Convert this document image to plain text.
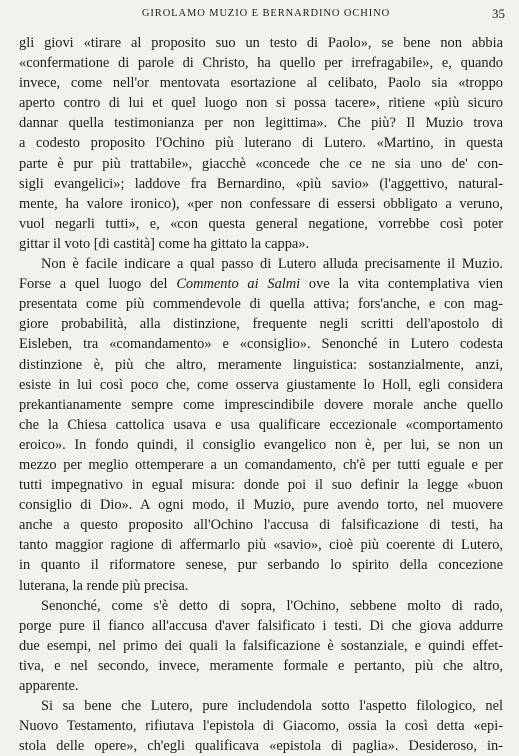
GIROLAMO MUZIO E BERNARDINO OCHINO	35
gli giovi «tirare al proposito suo un testo di Paolo», se bene non abbia
«confermatione di parole di Christo, ha quello per irrefragabile», e, quando
invece, come nell'or mentovata esortazione al celibato, Paolo sia «troppo
aperto contro di lui et quel luogo non si possa tacere», ritiene «più sicuro
dannar quella testimonianza per non legittima». Che più? Il Muzio trova
a codesto proposito l'Ochino più luterano di Lutero. «Martino, in questa
parte è pur più trattabile», giacchè «concede che ce ne sia uno de' con-
sigli evangelici»; laddove fra Bernardino, «più savio» (l'aggettivo, natural-
mente, ha valore ironico), «per non confessare di essersi obbligato a veruno,
vuol negarli tutti», e, «con questa general negatione, vorrebbe così poter
gittar il voto [di castità] come ha gittato la cappa».
Non è facile indicare a qual passo di Lutero alluda precisamente il Muzio.
Forse a quel luogo del Commento ai Salmi ove la vita contemplativa vien
presentata come più commendevole di quella attiva; fors'anche, e con mag-
giore probabilità, alla distinzione, frequente negli scritti dell'apostolo di
Eisleben, tra «comandamento» e «consiglio». Senonché in Lutero codesta
distinzione è, più che altro, meramente linguistica: sostanzialmente, anzi,
esiste in lui così poco che, come osserva giustamente lo Holl, egli considera
prekantianamente sempre come imprescindibile dovere morale anche quello
che la Chiesa cattolica usava e usa qualificare eccezionale «comportamento
eroico». In fondo quindi, il consiglio evangelico non è, per lui, se non un
mezzo per meglio ottemperare a un comandamento, ch'è per tutti eguale e per
tutti impegnativo in egual misura: donde poi il suo definir la legge «buon
consiglio di Dio». A ogni modo, il Muzio, pure avendo torto, nel muovere
anche a questo proposito all'Ochino l'accusa di falsificazione di testi, ha
tanto maggior ragione di affermarlo più «savio», cioè più coerente di Lutero,
in quanto il riformatore senese, pur serbando lo spirito della concezione
luterana, la rende più precisa.
Senonché, come s'è detto di sopra, l'Ochino, sebbene molto di rado,
porge pure il fianco all'accusa d'aver falsificato i testi. Di che giova addurre
due esempi, nel primo dei quali la falsificazione è sostanziale, e quindi effet-
tiva, e nel secondo, invece, meramente formale e pertanto, più che altro,
apparente.
Si sa bene che Lutero, pure includendola sotto l'aspetto filologico, nel
Nuovo Testamento, rifiutava l'epistola di Giacomo, ossia la così detta «epi-
stola delle opere», ch'egli qualificava «epistola di paglia». Desideroso, in-
